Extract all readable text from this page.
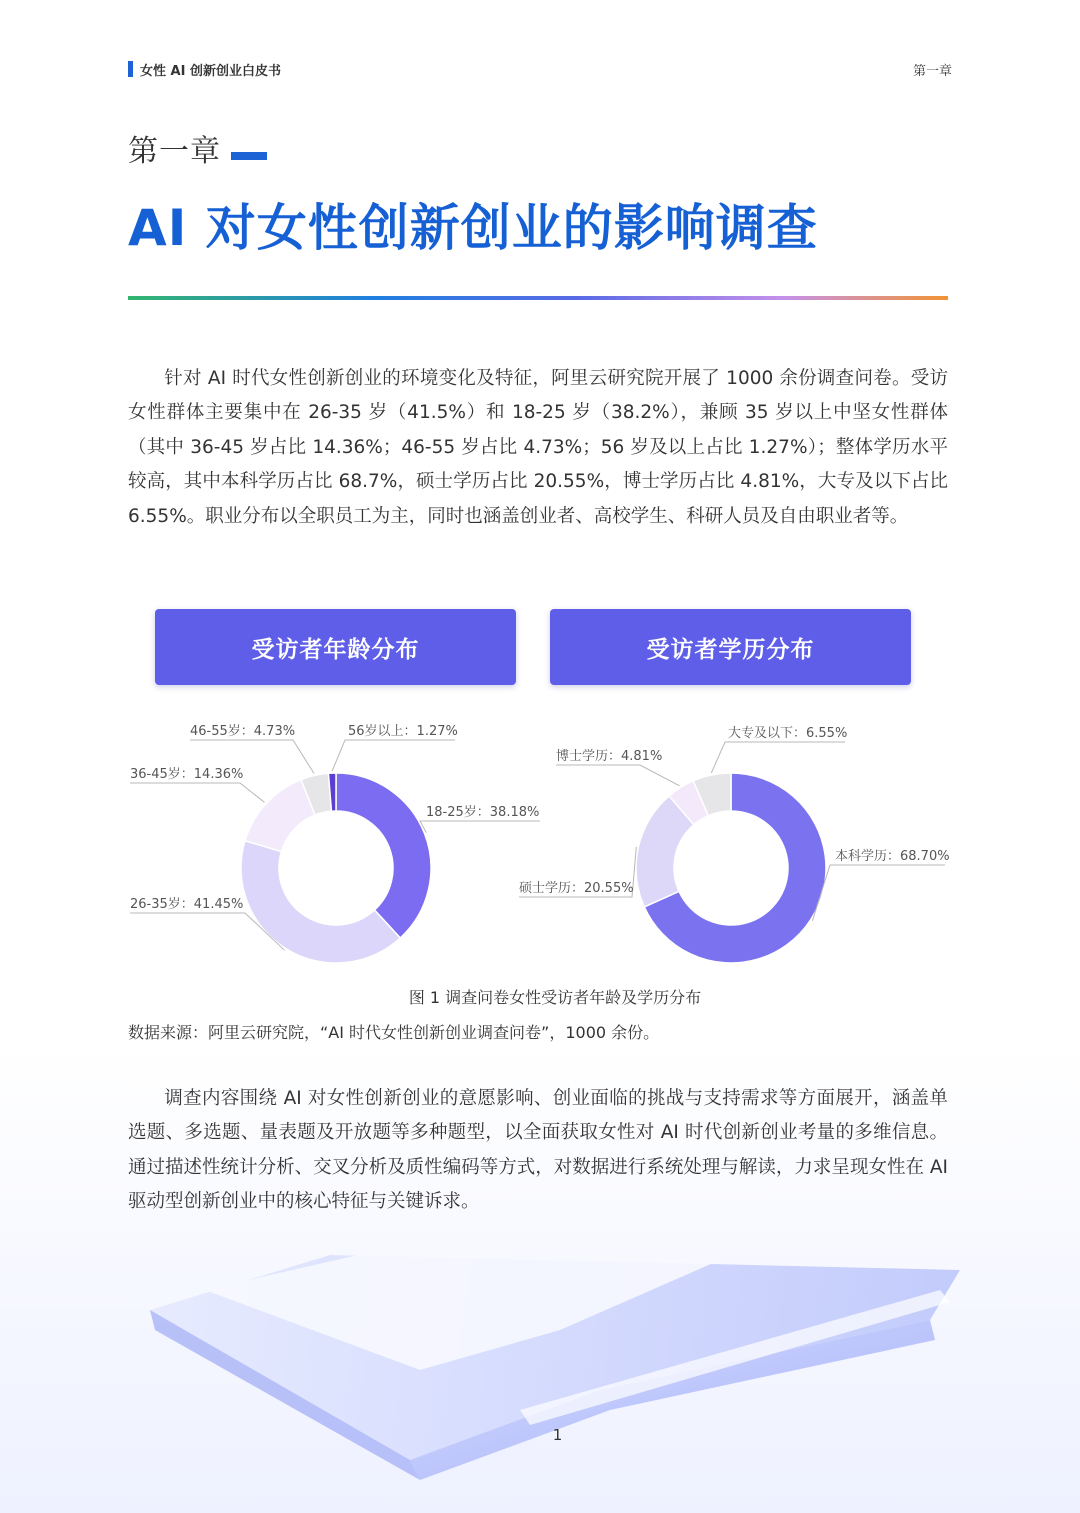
女性 AI 创新创业白皮书	第一章
第一章
AI 对女性创新创业的影响调查

针对 AI 时代女性创新创业的环境变化及特征，阿里云研究院开展了 1000 余份调查问卷。受访女性群体主要集中在 26-35 岁（41.5%）和 18-25 岁（38.2%），兼顾 35 岁以上中坚女性群体（其中 36-45 岁占比 14.36%；46-55 岁占比 4.73%；56 岁及以上占比 1.27%）；整体学历水平较高，其中本科学历占比 68.7%，硕士学历占比 20.55%，博士学历占比 4.81%，大专及以下占比 6.55%。职业分布以全职员工为主，同时也涵盖创业者、高校学生、科研人员及自由职业者等。

受访者年龄分布	受访者学历分布
18-25岁：38.18%
26-35岁：41.45%
36-45岁：14.36%
46-55岁：4.73%	56岁以上：1.27%
本科学历：68.70%
硕士学历：20.55%
博士学历：4.81%
大专及以下：6.55%
图 1 调查问卷女性受访者年龄及学历分布
数据来源：阿里云研究院，“AI 时代女性创新创业调查问卷”，1000 余份。

调查内容围绕 AI 对女性创新创业的意愿影响、创业面临的挑战与支持需求等方面展开，涵盖单选题、多选题、量表题及开放题等多种题型，以全面获取女性对 AI 时代创新创业考量的多维信息。通过描述性统计分析、交叉分析及质性编码等方式，对数据进行系统处理与解读，力求呈现女性在 AI 驱动型创新创业中的核心特征与关键诉求。

1
